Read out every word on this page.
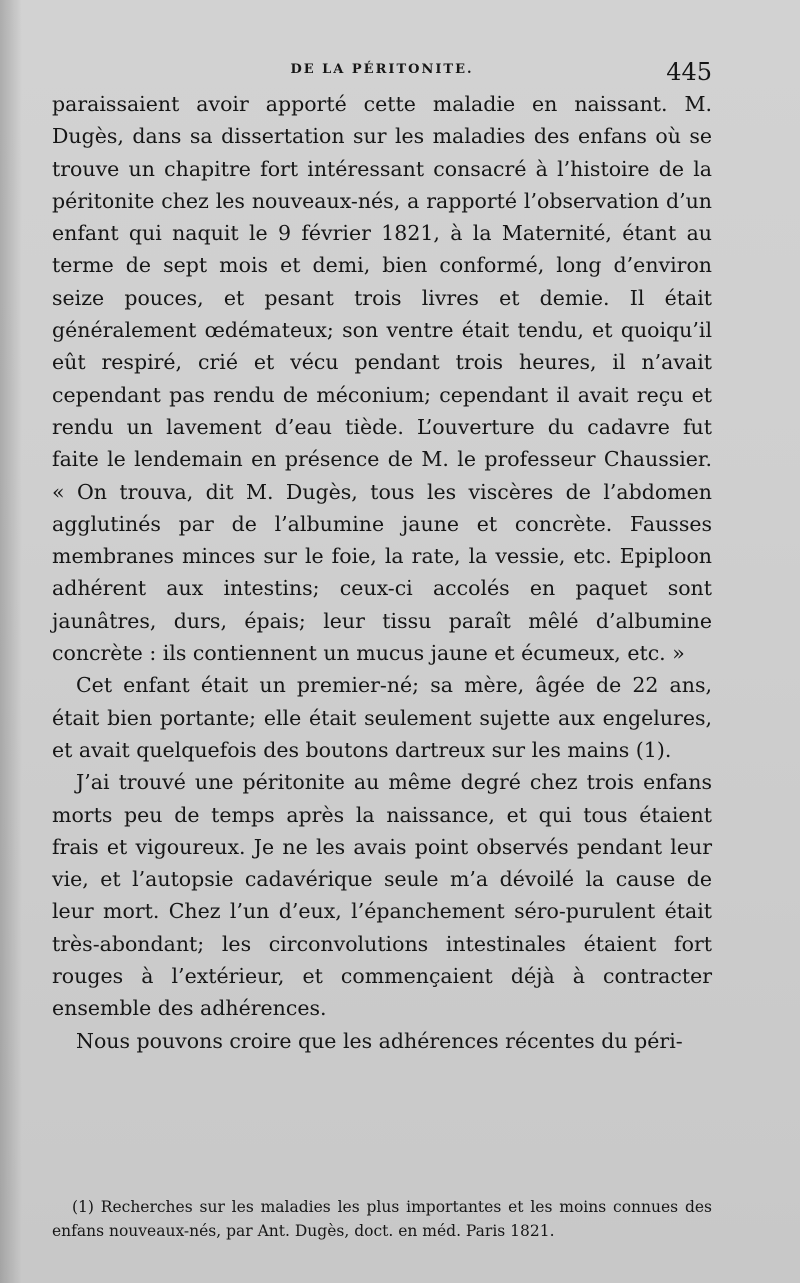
DE LA PÉRITONITE.	445

paraissaient avoir apporté cette maladie en naissant. M. Dugès, dans sa dissertation sur les maladies des enfans où se trouve un chapitre fort intéressant consacré à l’histoire de la péritonite chez les nouveaux-nés, a rapporté l’observation d’un enfant qui naquit le 9 février 1821, à la Maternité, étant au terme de sept mois et demi, bien conformé, long d’environ seize pouces, et pesant trois livres et demie. Il était généralement œdémateux; son ventre était tendu, et quoiqu’il eût respiré, crié et vécu pendant trois heures, il n’avait cependant pas rendu de méconium; cependant il avait reçu et rendu un lavement d’eau tiède. L’ouverture du cadavre fut faite le lendemain en présence de M. le professeur Chaussier. « On trouva, dit M. Dugès, tous les viscères de l’abdomen agglutinés par de l’albumine jaune et concrète. Fausses membranes minces sur le foie, la rate, la vessie, etc. Epiploon adhérent aux intestins; ceux-ci accolés en paquet sont jaunâtres, durs, épais; leur tissu paraît mêlé d’albumine concrète : ils contiennent un mucus jaune et écumeux, etc. »

Cet enfant était un premier-né; sa mère, âgée de 22 ans, était bien portante; elle était seulement sujette aux engelures, et avait quelquefois des boutons dartreux sur les mains (1).

J’ai trouvé une péritonite au même degré chez trois enfans morts peu de temps après la naissance, et qui tous étaient frais et vigoureux. Je ne les avais point observés pendant leur vie, et l’autopsie cadavérique seule m’a dévoilé la cause de leur mort. Chez l’un d’eux, l’épanchement séro-purulent était très-abondant; les circonvolutions intestinales étaient fort rouges à l’extérieur, et commençaient déjà à contracter ensemble des adhérences.

Nous pouvons croire que les adhérences récentes du péri-

(1) Recherches sur les maladies les plus importantes et les moins connues des enfans nouveaux-nés, par Ant. Dugès, doct. en méd. Paris 1821.
